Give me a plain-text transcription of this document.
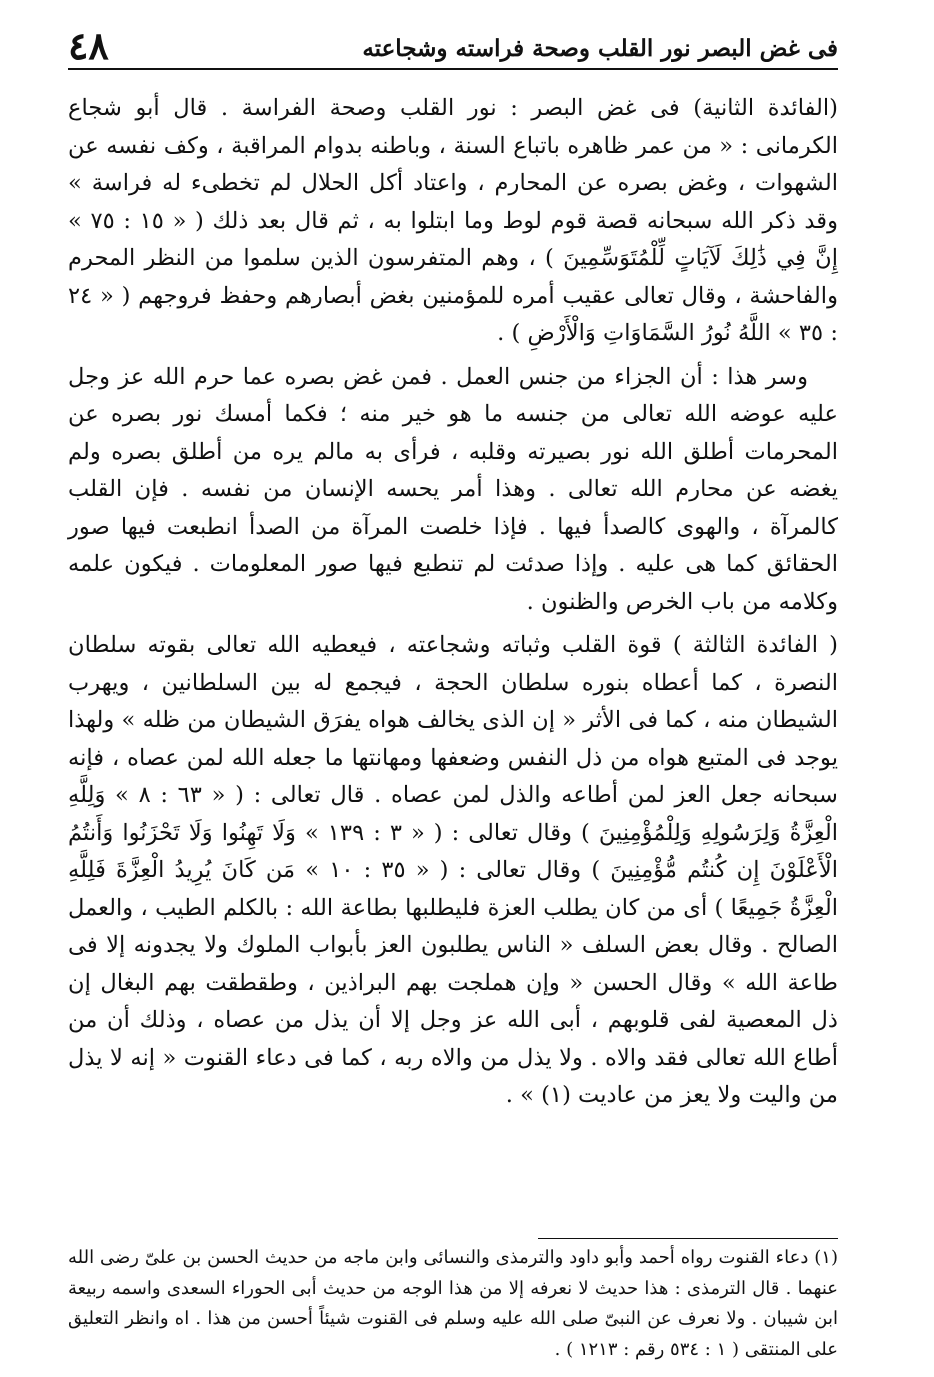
٤٨	فى غض البصر نور القلب وصحة فراسته وشجاعته

(الفائدة الثانية) فى غض البصر : نور القلب وصحة الفراسة . قال أبو شجاع الكرمانى : « من عمر ظاهره باتباع السنة ، وباطنه بدوام المراقبة ، وكف نفسه عن الشهوات ، وغض بصره عن المحارم ، واعتاد أكل الحلال لم تخطىء له فراسة » وقد ذكر الله سبحانه قصة قوم لوط وما ابتلوا به ، ثم قال بعد ذلك ( « ١٥ : ٧٥ » إِنَّ فِي ذَٰلِكَ لَآيَاتٍ لِّلْمُتَوَسِّمِينَ ) ، وهم المتفرسون الذين سلموا من النظر المحرم والفاحشة ، وقال تعالى عقيب أمره للمؤمنين بغض أبصارهم وحفظ فروجهم ( « ٢٤ : ٣٥ » اللَّهُ نُورُ السَّمَاوَاتِ وَالْأَرْضِ ) .

وسر هذا : أن الجزاء من جنس العمل . فمن غض بصره عما حرم الله عز وجل عليه عوضه الله تعالى من جنسه ما هو خير منه ؛ فكما أمسك نور بصره عن المحرمات أطلق الله نور بصيرته وقلبه ، فرأى به مالم يره من أطلق بصره ولم يغضه عن محارم الله تعالى . وهذا أمر يحسه الإنسان من نفسه . فإن القلب كالمرآة ، والهوى كالصدأ فيها . فإذا خلصت المرآة من الصدأ انطبعت فيها صور الحقائق كما هى عليه . وإذا صدئت لم تنطبع فيها صور المعلومات . فيكون علمه وكلامه من باب الخرص والظنون .

( الفائدة الثالثة ) قوة القلب وثباته وشجاعته ، فيعطيه الله تعالى بقوته سلطان النصرة ، كما أعطاه بنوره سلطان الحجة ، فيجمع له بين السلطانين ، ويهرب الشيطان منه ، كما فى الأثر « إن الذى يخالف هواه يفرَق الشيطان من ظله » ولهذا يوجد فى المتبع هواه من ذل النفس وضعفها ومهانتها ما جعله الله لمن عصاه ، فإنه سبحانه جعل العز لمن أطاعه والذل لمن عصاه . قال تعالى : ( « ٦٣ : ٨ » وَلِلَّهِ الْعِزَّةُ وَلِرَسُولِهِ وَلِلْمُؤْمِنِينَ ) وقال تعالى : ( « ٣ : ١٣٩ » وَلَا تَهِنُوا وَلَا تَحْزَنُوا وَأَنتُمُ الْأَعْلَوْنَ إِن كُنتُم مُّؤْمِنِينَ ) وقال تعالى : ( « ٣٥ : ١٠ » مَن كَانَ يُرِيدُ الْعِزَّةَ فَلِلَّهِ الْعِزَّةُ جَمِيعًا ) أى من كان يطلب العزة فليطلبها بطاعة الله : بالكلم الطيب ، والعمل الصالح . وقال بعض السلف « الناس يطلبون العز بأبواب الملوك ولا يجدونه إلا فى طاعة الله » وقال الحسن « وإن هملجت بهم البراذين ، وطقطقت بهم البغال إن ذل المعصية لفى قلوبهم ، أبى الله عز وجل إلا أن يذل من عصاه ، وذلك أن من أطاع الله تعالى فقد والاه . ولا يذل من والاه ربه ، كما فى دعاء القنوت « إنه لا يذل من واليت ولا يعز من عاديت (١) » .

(١) دعاء القنوت رواه أحمد وأبو داود والترمذى والنسائى وابن ماجه من حديث الحسن بن علىّ رضى الله عنهما . قال الترمذى : هذا حديث لا نعرفه إلا من هذا الوجه من حديث أبى الحوراء السعدى واسمه ربيعة ابن شيبان . ولا نعرف عن النبىّ صلى الله عليه وسلم فى القنوت شيئاً أحسن من هذا . اه وانظر التعليق على المنتقى ( ١ : ٥٣٤ رقم : ١٢١٣ ) .
